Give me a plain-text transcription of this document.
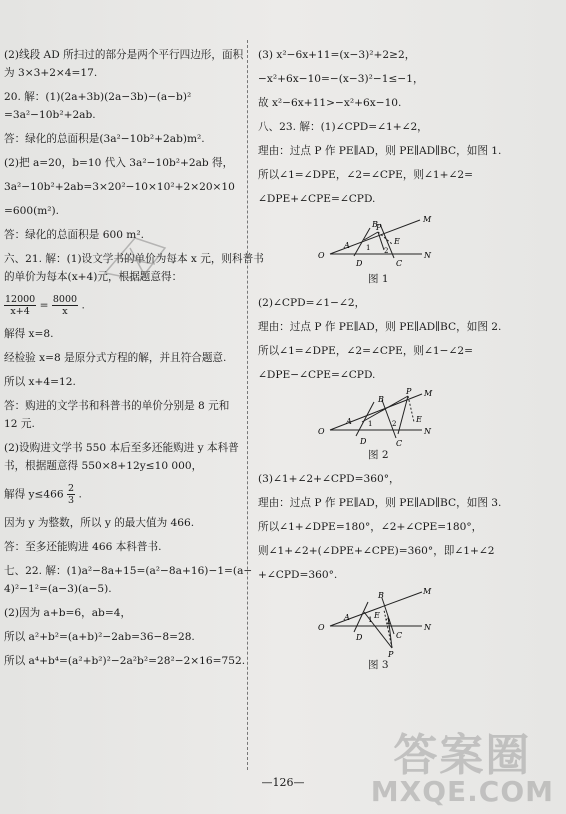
(2)线段 AD 所扫过的部分是两个平行四边形，面积

为 3×3+2×4=17.

20. 解：(1)(2a+3b)(2a−3b)−(a−b)²

=3a²−10b²+2ab.

答：绿化的总面积是(3a²−10b²+2ab)m².

(2)把 a=20，b=10 代入 3a²−10b²+2ab 得，

3a²−10b²+2ab=3×20²−10×10²+2×20×10

=600(m²).

答：绿化的总面积是 600 m².

六、21. 解：(1)设文学书的单价为每本 x 元，则科普书

的单价为每本(x+4)元，根据题意得：

$\frac{12000}{x+4} = \frac{8000}{x}$ .

解得 x=8.

经检验 x=8 是原分式方程的解，并且符合题意.

所以 x+4=12.

答：购进的文学书和科普书的单价分别是 8 元和

12 元.

(2)设购进文学书 550 本后至多还能购进 y 本科普

书，根据题意得 550×8+12y≤10 000，

解得 $y\le 466 \frac{2}{3}$ .

因为 y 为整数，所以 y 的最大值为 466.

答：至多还能购进 466 本科普书.

七、22. 解：(1)a²−8a+15=(a²−8a+16)−1=(a−

4)²−1²=(a−3)(a−5).

(2)因为 a+b=6，ab=4，

所以 a²+b²=(a+b)²−2ab=36−8=28.

所以 a⁴+b⁴=(a²+b²)²−2a²b²=28²−2×16=752.

(3) x²−6x+11=(x−3)²+2≥2，

−x²+6x−10=−(x−3)²−1≤−1，

故 x²−6x+11>−x²+6x−10.

八、23. 解：(1)∠CPD=∠1+∠2，

理由：过点 P 作 PE∥AD，则 PE∥AD∥BC，如图 1.

所以∠1=∠DPE，∠2=∠CPE，则∠1+∠2=

∠DPE+∠CPE=∠CPD.

O
A
B
C
D
E
M
N
P
1 2

图 1

(2)∠CPD=∠1−∠2，

理由：过点 P 作 PE∥AD，则 PE∥AD∥BC，如图 2.

所以∠1=∠DPE，∠2=∠CPE，则∠1−∠2=

∠DPE−∠CPE=∠CPD.

O
A
B
C
D
E
M
N
P
1	2

图 2

(3)∠1+∠2+∠CPD=360°，

理由：过点 P 作 PE∥AD，则 PE∥AD∥BC，如图 3.

所以∠1+∠DPE=180°，∠2+∠CPE=180°，

则∠1+∠2+(∠DPE+∠CPE)=360°，即∠1+∠2

+∠CPD=360°.

O
A
B
C
D
E
M
N
P
1 2

图 3

—126—
答案圈
MXQE.COM
